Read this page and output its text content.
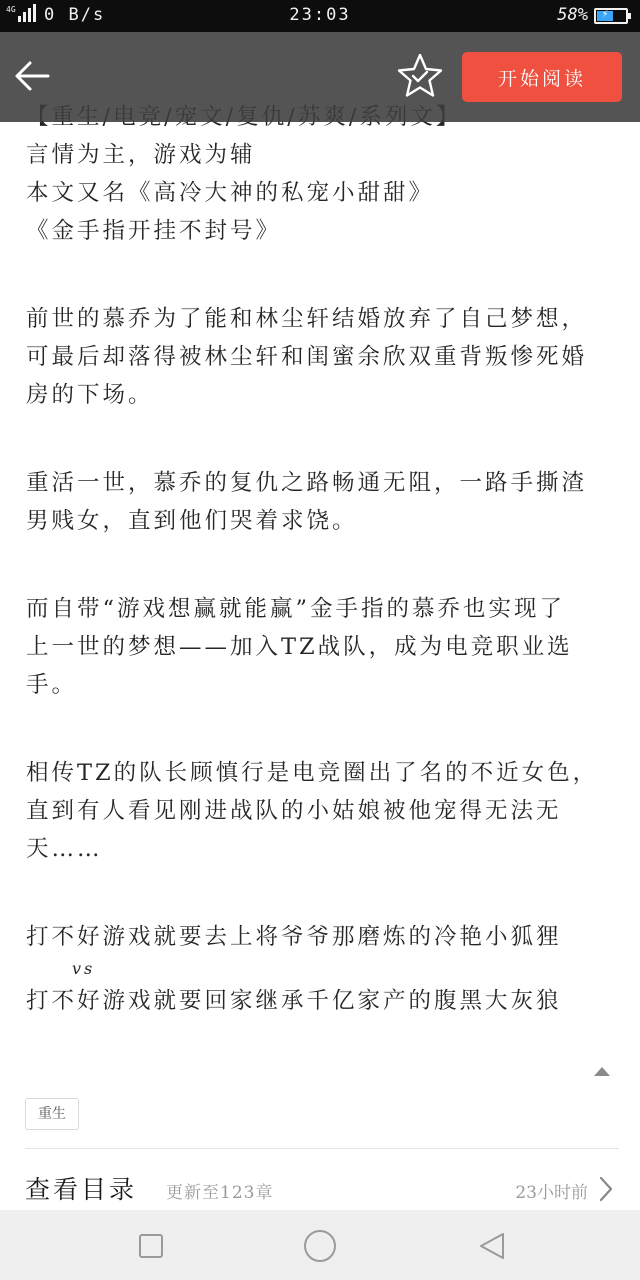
4G 0 B/s	23:03	58%	⚡
言情为主，游戏为辅
本文又名《高冷大神的私宠小甜甜》
《金手指开挂不封号》
前世的慕乔为了能和林尘轩结婚放弃了自己梦想，
可最后却落得被林尘轩和闺蜜余欣双重背叛惨死婚
房的下场。
重活一世，慕乔的复仇之路畅通无阻，一路手撕渣
男贱女，直到他们哭着求饶。
而自带“游戏想赢就能赢”金手指的慕乔也实现了
上一世的梦想——加入TZ战队，成为电竞职业选
手。
相传TZ的队长顾慎行是电竞圈出了名的不近女色，
直到有人看见刚进战队的小姑娘被他宠得无法无
天……
打不好游戏就要去上将爷爷那磨炼的冷艳小狐狸
vs
打不好游戏就要回家继承千亿家产的腹黑大灰狼
开始阅读
重生
查看目录 更新至123章	23小时前
